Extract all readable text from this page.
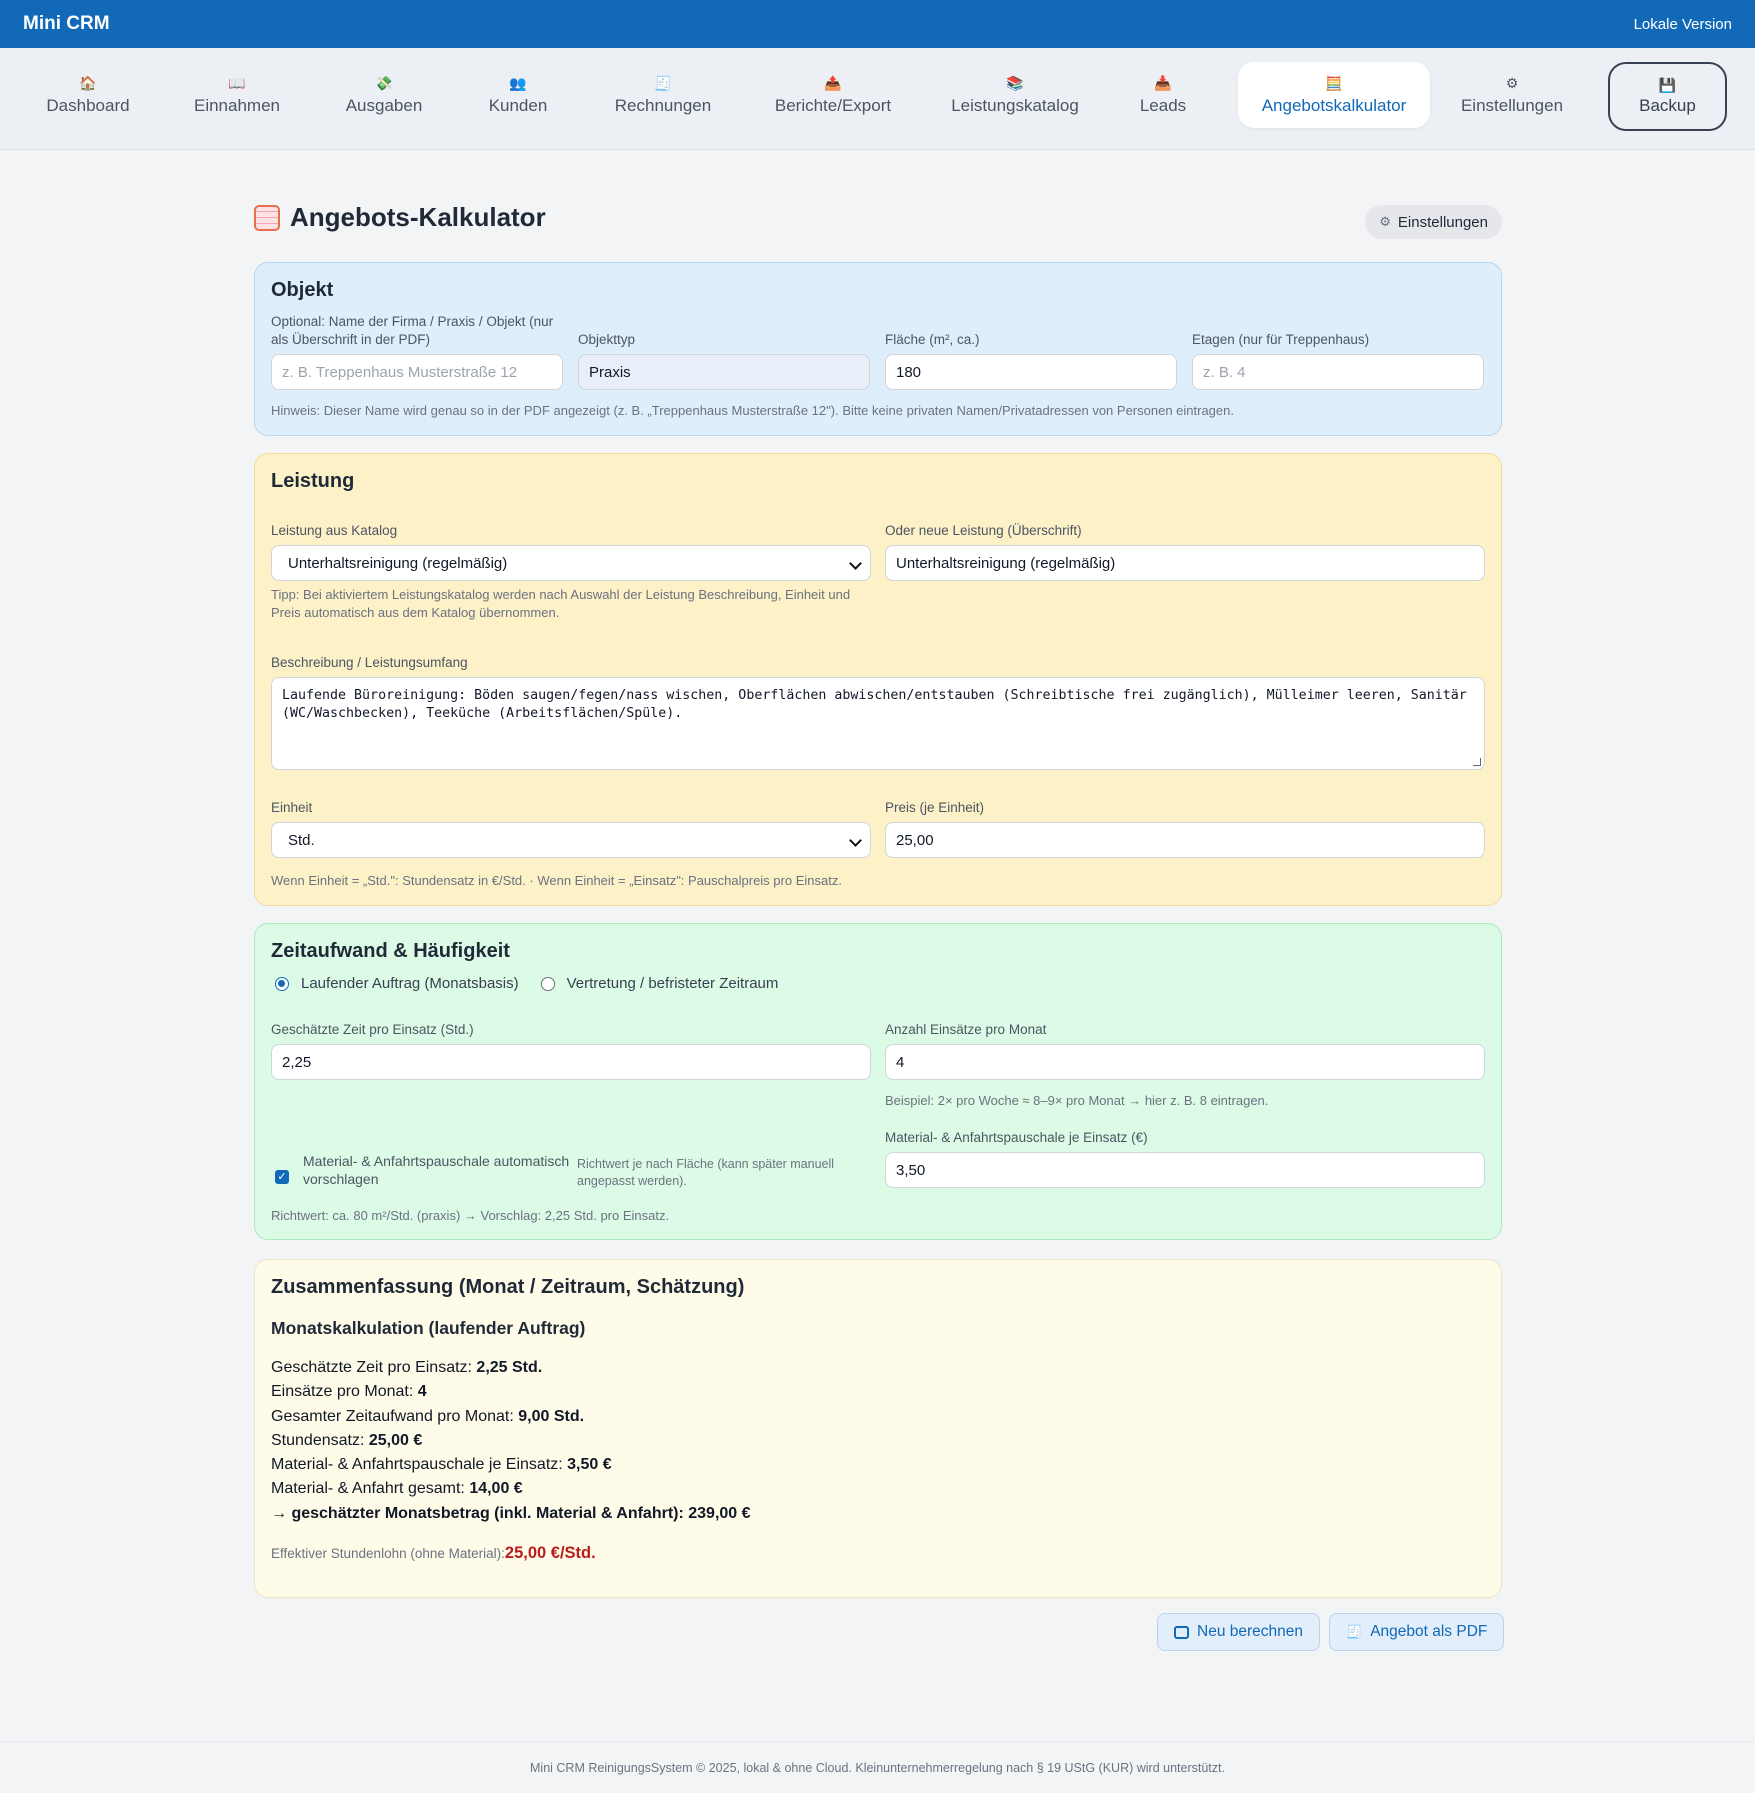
Mini CRM	Lokale Version
🏠
Dashboard
📖
Einnahmen
💸
Ausgaben
👥
Kunden
🧾
Rechnungen
📤
Berichte/Export
📚
Leistungskatalog
📥
Leads
🧮
Angebotskalkulator
⚙
Einstellungen
💾
Backup
Angebots-Kalkulator	⚙ Einstellungen
Objekt
Optional: Name der Firma / Praxis / Objekt (nur als Überschrift in der PDF)
z. B. Treppenhaus Musterstraße 12
Objekttyp
Praxis
Fläche (m², ca.)
180
Etagen (nur für Treppenhaus)
z. B. 4
Hinweis: Dieser Name wird genau so in der PDF angezeigt (z. B. „Treppenhaus Musterstraße 12"). Bitte keine privaten Namen/Privatadressen von Personen eintragen.
Leistung
Leistung aus Katalog
Unterhaltsreinigung (regelmäßig)
Oder neue Leistung (Überschrift)
Unterhaltsreinigung (regelmäßig)
Tipp: Bei aktiviertem Leistungskatalog werden nach Auswahl der Leistung Beschreibung, Einheit und Preis automatisch aus dem Katalog übernommen.
Beschreibung / Leistungsumfang
Laufende Büroreinigung: Böden saugen/fegen/nass wischen, Oberflächen abwischen/entstauben (Schreibtische frei zugänglich), Mülleimer leeren, Sanitär (WC/Waschbecken), Teeküche (Arbeitsflächen/Spüle).
Einheit
Std.
Preis (je Einheit)
25,00
Wenn Einheit = „Std.": Stundensatz in €/Std. · Wenn Einheit = „Einsatz": Pauschalpreis pro Einsatz.
Zeitaufwand & Häufigkeit
Laufender Auftrag (Monatsbasis)	Vertretung / befristeter Zeitraum
Geschätzte Zeit pro Einsatz (Std.)
2,25
Anzahl Einsätze pro Monat
4
Beispiel: 2× pro Woche ≈ 8–9× pro Monat → hier z. B. 8 eintragen.
✓
Material- & Anfahrtspauschale automatisch vorschlagen
Richtwert je nach Fläche (kann später manuell angepasst werden).
Material- & Anfahrtspauschale je Einsatz (€)
3,50
Richtwert: ca. 80 m²/Std. (praxis) → Vorschlag: 2,25 Std. pro Einsatz.
Zusammenfassung (Monat / Zeitraum, Schätzung)
Monatskalkulation (laufender Auftrag)
Geschätzte Zeit pro Einsatz: 2,25 Std.
Einsätze pro Monat: 4
Gesamter Zeitaufwand pro Monat: 9,00 Std.
Stundensatz: 25,00 €
Material- & Anfahrtspauschale je Einsatz: 3,50 €
Material- & Anfahrt gesamt: 14,00 €
→ geschätzter Monatsbetrag (inkl. Material & Anfahrt): 239,00 €
Effektiver Stundenlohn (ohne Material): 25,00 €/Std.
Neu berechnen	🧾 Angebot als PDF
Mini CRM ReinigungsSystem © 2025, lokal & ohne Cloud. Kleinunternehmerregelung nach § 19 UStG (KUR) wird unterstützt.
